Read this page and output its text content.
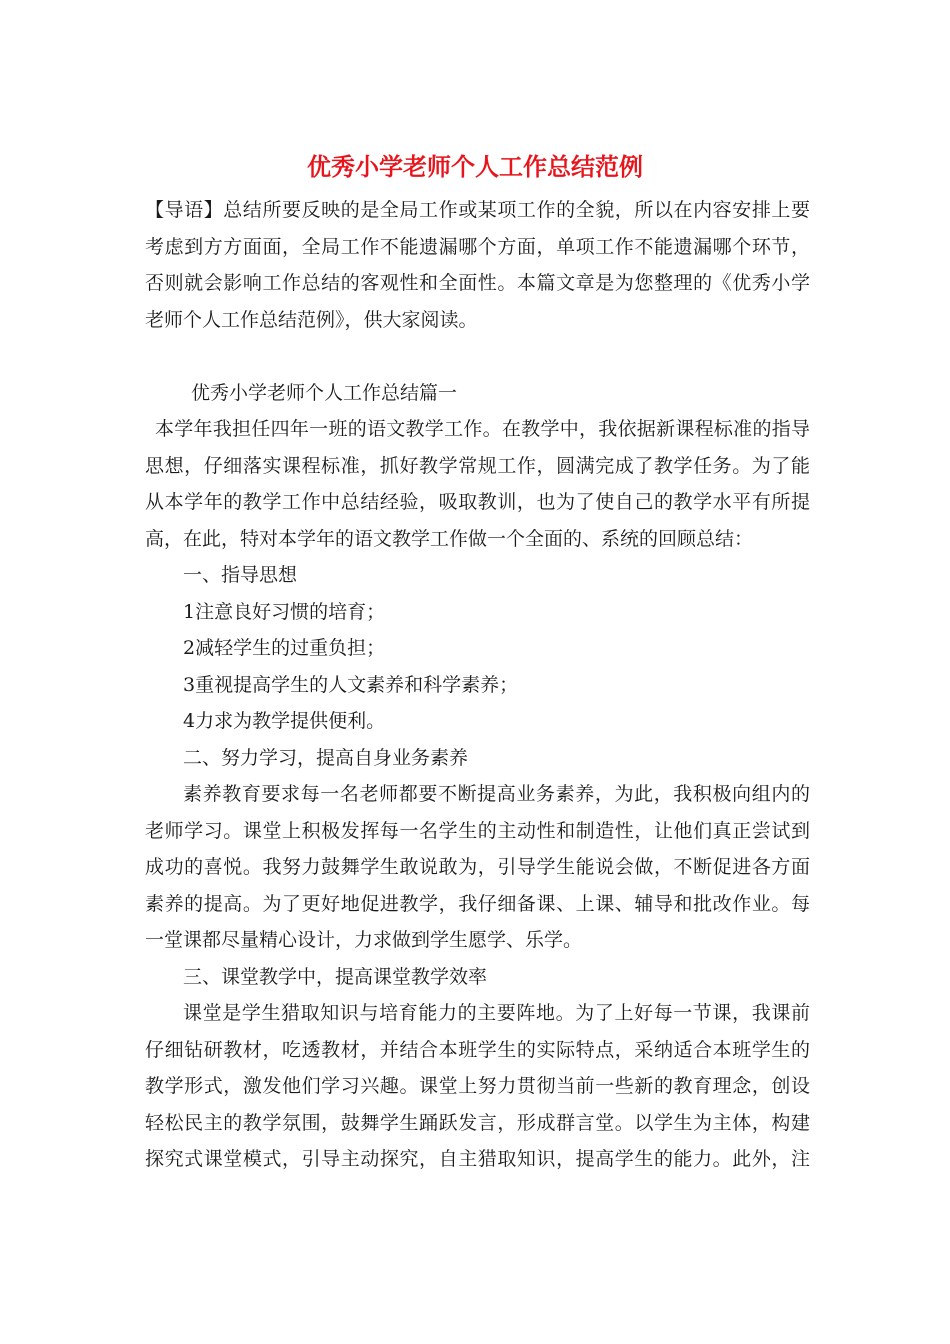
优秀小学老师个人工作总结范例
【导语】总结所要反映的是全局工作或某项工作的全貌，所以在内容安排上要
考虑到方方面面，全局工作不能遗漏哪个方面，单项工作不能遗漏哪个环节，
否则就会影响工作总结的客观性和全面性。本篇文章是为您整理的《优秀小学
老师个人工作总结范例》，供大家阅读。
优秀小学老师个人工作总结篇一
本学年我担任四年一班的语文教学工作。在教学中，我依据新课程标准的指导
思想，仔细落实课程标准，抓好教学常规工作，圆满完成了教学任务。为了能
从本学年的教学工作中总结经验，吸取教训，也为了使自己的教学水平有所提
高，在此，特对本学年的语文教学工作做一个全面的、系统的回顾总结：
一、指导思想
1注意良好习惯的培育；
2减轻学生的过重负担；
3重视提高学生的人文素养和科学素养；
4力求为教学提供便利。
二、努力学习，提高自身业务素养
素养教育要求每一名老师都要不断提高业务素养，为此，我积极向组内的
老师学习。课堂上积极发挥每一名学生的主动性和制造性，让他们真正尝试到
成功的喜悦。我努力鼓舞学生敢说敢为，引导学生能说会做，不断促进各方面
素养的提高。为了更好地促进教学，我仔细备课、上课、辅导和批改作业。每
一堂课都尽量精心设计，力求做到学生愿学、乐学。
三、课堂教学中，提高课堂教学效率
课堂是学生猎取知识与培育能力的主要阵地。为了上好每一节课，我课前
仔细钻研教材，吃透教材，并结合本班学生的实际特点，采纳适合本班学生的
教学形式，激发他们学习兴趣。课堂上努力贯彻当前一些新的教育理念，创设
轻松民主的教学氛围，鼓舞学生踊跃发言，形成群言堂。以学生为主体，构建
探究式课堂模式，引导主动探究，自主猎取知识，提高学生的能力。此外，注
